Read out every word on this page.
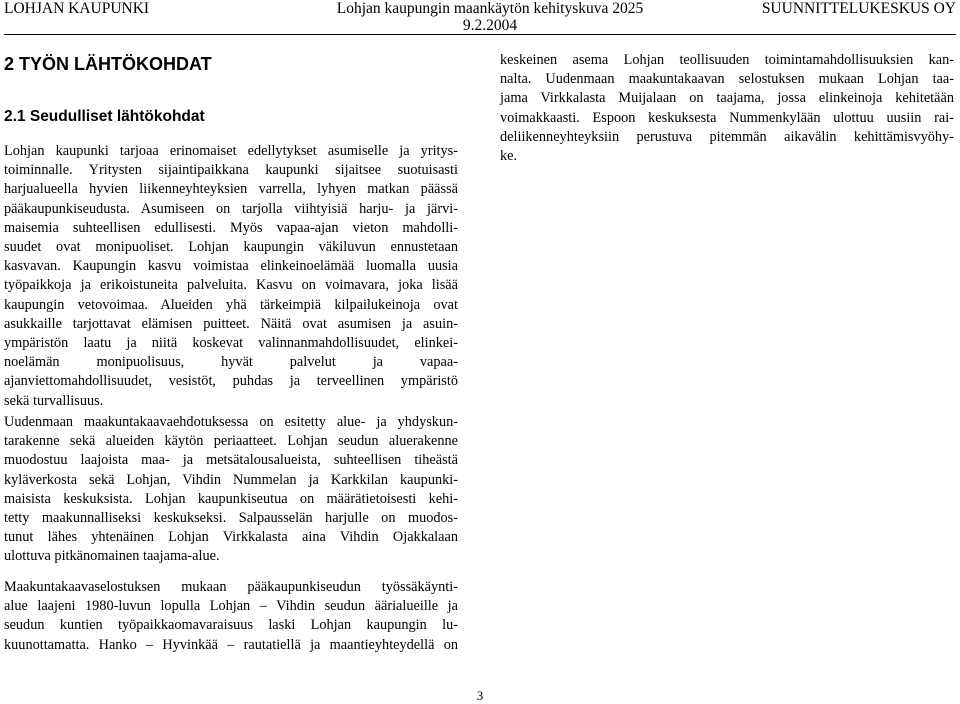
LOHJAN KAUPUNKI	Lohjan kaupungin maankäytön kehityskuva 2025
9.2.2004
SUUNNITTELUKESKUS OY
2 TYÖN LÄHTÖKOHDAT
2.1 Seudulliset lähtökohdat
Lohjan kaupunki tarjoaa erinomaiset edellytykset asumiselle ja yritys-
toiminnalle. Yritysten sijaintipaikkana kaupunki sijaitsee suotuisasti
harjualueella hyvien liikenneyhteyksien varrella, lyhyen matkan päässä
pääkaupunkiseudusta. Asumiseen on tarjolla viihtyisiä harju- ja järvi-
maisemia suhteellisen edullisesti. Myös vapaa-ajan vieton mahdolli-
suudet ovat monipuoliset. Lohjan kaupungin väkiluvun ennustetaan
kasvavan. Kaupungin kasvu voimistaa elinkeinoelämää luomalla uusia
työpaikkoja ja erikoistuneita palveluita. Kasvu on voimavara, joka lisää
kaupungin vetovoimaa. Alueiden yhä tärkeimpiä kilpailukeinoja ovat
asukkaille tarjottavat elämisen puitteet. Näitä ovat asumisen ja asuin-
ympäristön laatu ja niitä koskevat valinnanmahdollisuudet, elinkei-
noelämän monipuolisuus, hyvät palvelut ja vapaa-
ajanviettomahdollisuudet, vesistöt, puhdas ja terveellinen ympäristö
sekä turvallisuus.
Uudenmaan maakuntakaavaehdotuksessa on esitetty alue- ja yhdyskun-
tarakenne sekä alueiden käytön periaatteet. Lohjan seudun aluerakenne
muodostuu laajoista maa- ja metsätalousalueista, suhteellisen tiheästä
kyläverkosta sekä Lohjan, Vihdin Nummelan ja Karkkilan kaupunki-
maisista keskuksista. Lohjan kaupunkiseutua on määrätietoisesti kehi-
tetty maakunnalliseksi keskukseksi. Salpausselän harjulle on muodos-
tunut lähes yhtenäinen Lohjan Virkkalasta aina Vihdin Ojakkalaan
ulottuva pitkänomainen taajama-alue.
Maakuntakaavaselostuksen mukaan pääkaupunkiseudun työssäkäynti-
alue laajeni 1980-luvun lopulla Lohjan – Vihdin seudun äärialueille ja
seudun kuntien työpaikkaomavaraisuus laski Lohjan kaupungin lu-
kuunottamatta. Hanko – Hyvinkää – rautatiellä ja maantieyhteydellä on
keskeinen asema Lohjan teollisuuden toimintamahdollisuuksien kan-
nalta. Uudenmaan maakuntakaavan selostuksen mukaan Lohjan taa-
jama Virkkalasta Muijalaan on taajama, jossa elinkeinoja kehitetään
voimakkaasti. Espoon keskuksesta Nummenkylään ulottuu uusiin rai-
deliikenneyhteyksiin perustuva pitemmän aikavälin kehittämisvyöhy-
ke.
3
